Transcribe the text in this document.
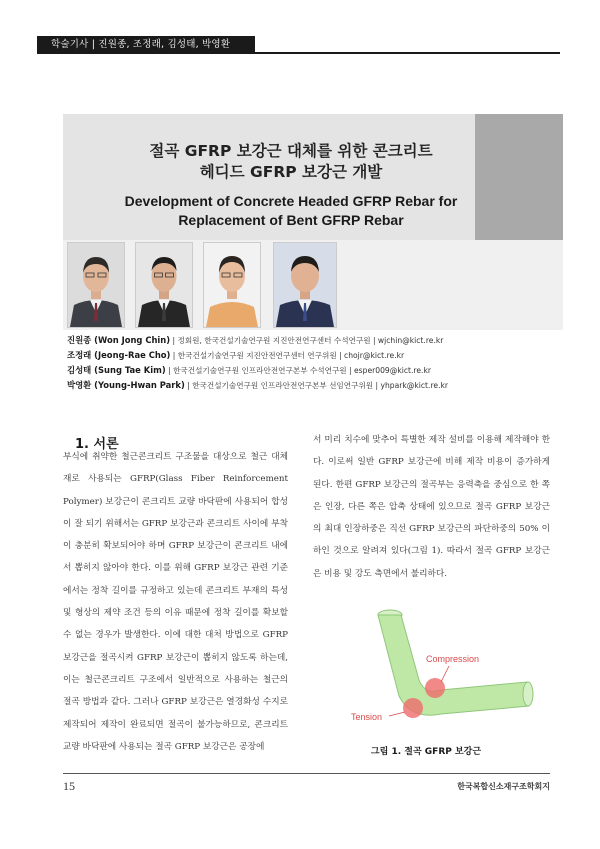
학술기사 | 진원종, 조정래, 김성태, 박영환
절곡 GFRP 보강근 대체를 위한 콘크리트
헤디드 GFRP 보강근 개발
Development of Concrete Headed GFRP Rebar for
Replacement of Bent GFRP Rebar
진원종 (Won Jong Chin) | 정회원, 한국건설기술연구원 지진안전연구센터 수석연구원 | wjchin@kict.re.kr
조정래 (Jeong-Rae Cho) | 한국건설기술연구원 지진안전연구센터 연구위원 | chojr@kict.re.kr
김성태 (Sung Tae Kim) | 한국건설기술연구원 인프라안전연구본부 수석연구원 | esper009@kict.re.kr
박영환 (Young-Hwan Park) | 한국건설기술연구원 인프라안전연구본부 선임연구위원 | yhpark@kict.re.kr
1. 서론

부식에 취약한 철근콘크리트 구조물을 대상으로 철근 대체재로 사용되는 GFRP(Glass Fiber Reinforcement Polymer) 보강근이 콘크리트 교량 바닥판에 사용되어 합성이 잘 되기 위해서는 GFRP 보강근과 콘크리트 사이에 부착이 충분히 확보되어야 하며 GFRP 보강근이 콘크리트 내에서 뽑히지 않아야 한다. 이를 위해 GFRP 보강근 관련 기준에서는 정착 길이를 규정하고 있는데 콘크리트 부재의 특성 및 형상의 제약 조건 등의 이유 때문에 정착 길이를 확보할 수 없는 경우가 발생한다. 이에 대한 대처 방법으로 GFRP 보강근을 절곡시켜 GFRP 보강근이 뽑히지 않도록 하는데, 이는 철근콘크리트 구조에서 일반적으로 사용하는 철근의 절곡 방법과 같다. 그러나 GFRP 보강근은 열경화성 수지로 제작되어 제작이 완료되면 절곡이 불가능하므로, 콘크리트 교량 바닥판에 사용되는 절곡 GFRP 보강근은 공장에

서 미리 치수에 맞추어 특별한 제작 설비를 이용해 제작해야 한다. 이로써 일반 GFRP 보강근에 비해 제작 비용이 증가하게 된다. 한편 GFRP 보강근의 절곡부는 응력축을 중심으로 한 쪽은 인장, 다른 쪽은 압축 상태에 있으므로 절곡 GFRP 보강근의 최대 인장하중은 직선 GFRP 보강근의 파단하중의 50% 이하인 것으로 알려져 있다(그림 1). 따라서 절곡 GFRP 보강근은 비용 및 강도 측면에서 불리하다.

Compression
Tension
그림 1. 절곡 GFRP 보강근
15	한국복합신소재구조학회지
